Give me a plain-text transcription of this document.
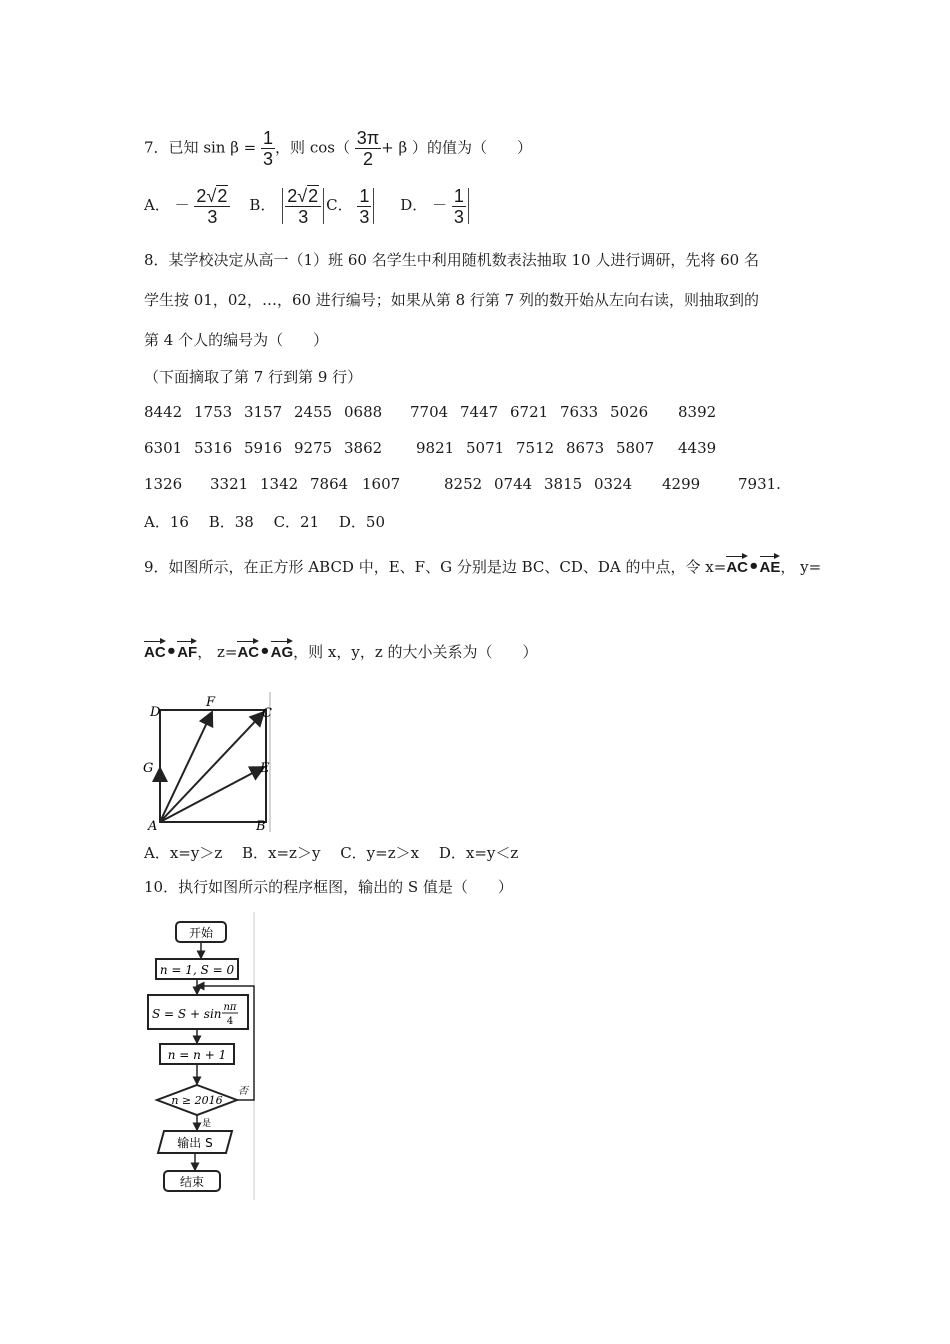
7．已知 $\sin \beta = \frac{1}{3}$ ，则 $\cos( \frac{3\pi}{2} + \beta$ ）的值为（　　）
A． － $\frac{2√2}{3}$ B． $\frac{2√2}{3}$ C． $\frac{1}{3}$ D． － $\frac{1}{3}$
8．某学校决定从高一（1）班 60 名学生中利用随机数表法抽取 10 人进行调研，先将 60 名
学生按 01，02，…，60 进行编号；如果从第 8 行第 7 列的数开始从左向右读，则抽取到的
第 4 个人的编号为（　　）
（下面摘取了第 7 行到第 9 行）
8442 1753 3157 2455 0688 7704 7447 6721 7633 5026 8392
6301 5316 5916 9275 3862 9821 5071 7512 8673 5807 4439
1326 3321 1342 7864 1607	8252 0744 3815 0324 4299	7931.
A．16　 B．38　 C．21　 D．50
9．如图所示，在正方形 ABCD 中，E、F、G 分别是边 BC、CD、DA 的中点，令 x=AC•AE， y=
AC•AF， z=AC•AG，则 x，y，z 的大小关系为（　　）
D
F
C
G	E
A	B
A．x=y＞z　 B．x=z＞y　 C．y=z＞x　 D．x=y＜z
10．执行如图所示的程序框图，输出的 S 值是（　　）
开始
n = 1, S = 0
S = S + sin nπ
4
n = n + 1
n ≥ 2016
否
是
输出 S
结束
